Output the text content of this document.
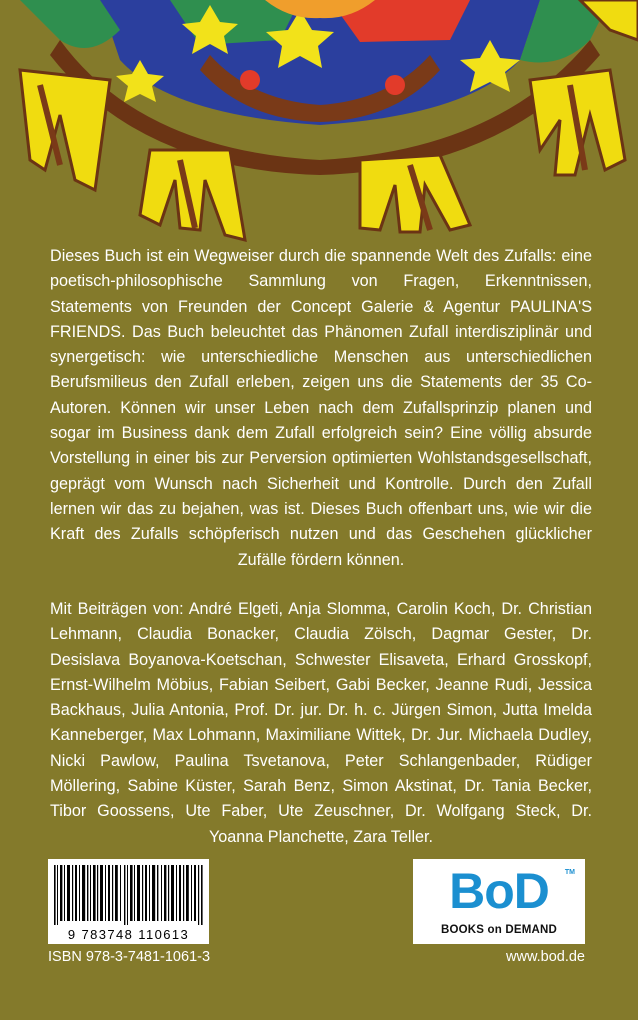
Dieses Buch ist ein Wegweiser durch die spannende Welt des Zufalls: eine poetisch-philosophische Sammlung von Fragen, Erkenntnissen, Statements von Freunden der Concept Galerie & Agentur PAULINA'S FRIENDS. Das Buch beleuchtet das Phänomen Zufall interdisziplinär und synergetisch: wie unterschiedliche Menschen aus unterschiedlichen Berufsmilieus den Zufall erleben, zeigen uns die Statements der 35 Co-Autoren. Können wir unser Leben nach dem Zufallsprinzip planen und sogar im Business dank dem Zufall erfolgreich sein? Eine völlig absurde Vorstellung in einer bis zur Perversion optimierten Wohlstandsgesellschaft, geprägt vom Wunsch nach Sicherheit und Kontrolle. Durch den Zufall lernen wir das zu bejahen, was ist. Dieses Buch offenbart uns, wie wir die Kraft des Zufalls schöpferisch nutzen und das Geschehen glücklicher Zufälle fördern können.

Mit Beiträgen von: André Elgeti, Anja Slomma, Carolin Koch, Dr. Christian Lehmann, Claudia Bonacker, Claudia Zölsch, Dagmar Gester, Dr. Desislava Boyanova-Koetschan, Schwester Elisaveta, Erhard Grosskopf, Ernst-Wilhelm Möbius, Fabian Seibert, Gabi Becker, Jeanne Rudi, Jessica Backhaus, Julia Antonia, Prof. Dr. jur. Dr. h. c. Jürgen Simon, Jutta Imelda Kanneberger, Max Lohmann, Maximiliane Wittek, Dr. Jur. Michaela Dudley, Nicki Pawlow, Paulina Tsvetanova, Peter Schlangenbader, Rüdiger Möllering, Sabine Küster, Sarah Benz, Simon Akstinat, Dr. Tania Becker, Tibor Goossens, Ute Faber, Ute Zeuschner, Dr. Wolfgang Steck, Dr. Yoanna Planchette, Zara Teller.

9 783748 110613
ISBN 978-3-7481-1061-3
BoD	TM
BOOKS on DEMAND
www.bod.de
